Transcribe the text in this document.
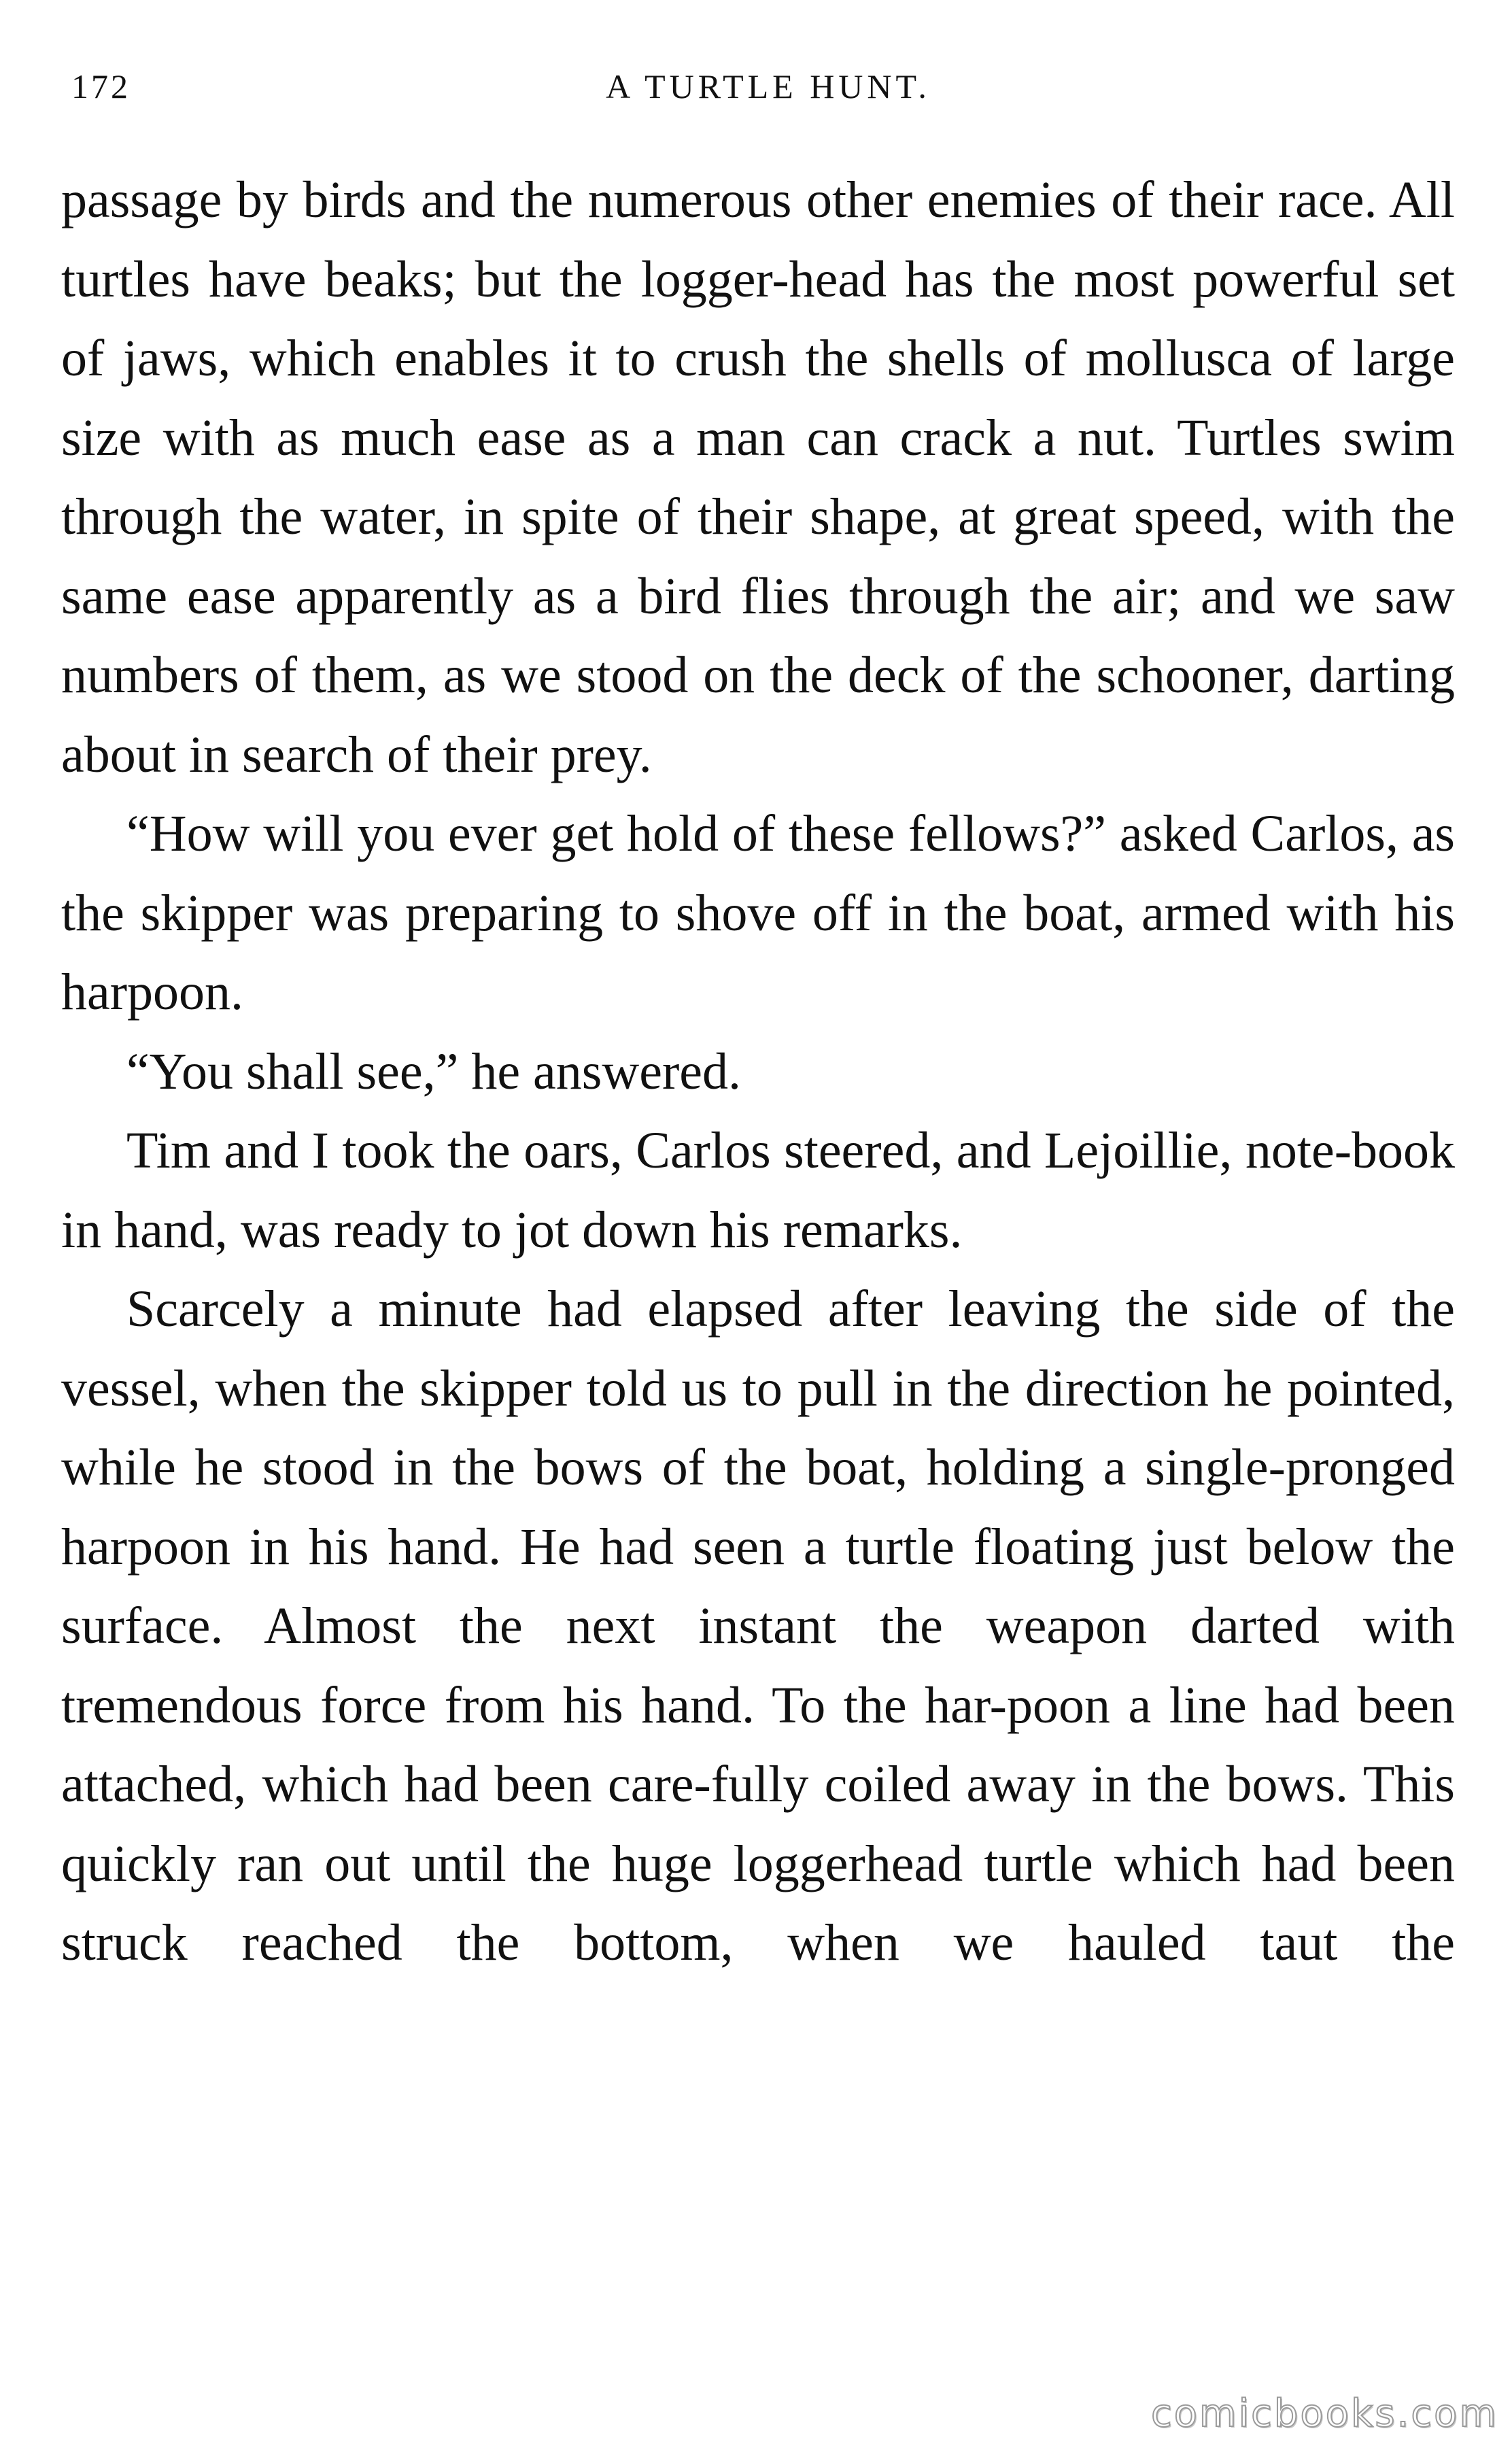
172	A TURTLE HUNT.

passage by birds and the numerous other enemies of their race. All turtles have beaks; but the logger-head has the most powerful set of jaws, which enables it to crush the shells of mollusca of large size with as much ease as a man can crack a nut. Turtles swim through the water, in spite of their shape, at great speed, with the same ease apparently as a bird flies through the air; and we saw numbers of them, as we stood on the deck of the schooner, darting about in search of their prey.

“How will you ever get hold of these fellows?” asked Carlos, as the skipper was preparing to shove off in the boat, armed with his harpoon.

“You shall see,” he answered.

Tim and I took the oars, Carlos steered, and Lejoillie, note-book in hand, was ready to jot down his remarks.

Scarcely a minute had elapsed after leaving the side of the vessel, when the skipper told us to pull in the direction he pointed, while he stood in the bows of the boat, holding a single-pronged harpoon in his hand. He had seen a turtle floating just below the surface. Almost the next instant the weapon darted with tremendous force from his hand. To the har-poon a line had been attached, which had been care-fully coiled away in the bows. This quickly ran out until the huge loggerhead turtle which had been struck reached the bottom, when we hauled taut the

comicbooks.com
